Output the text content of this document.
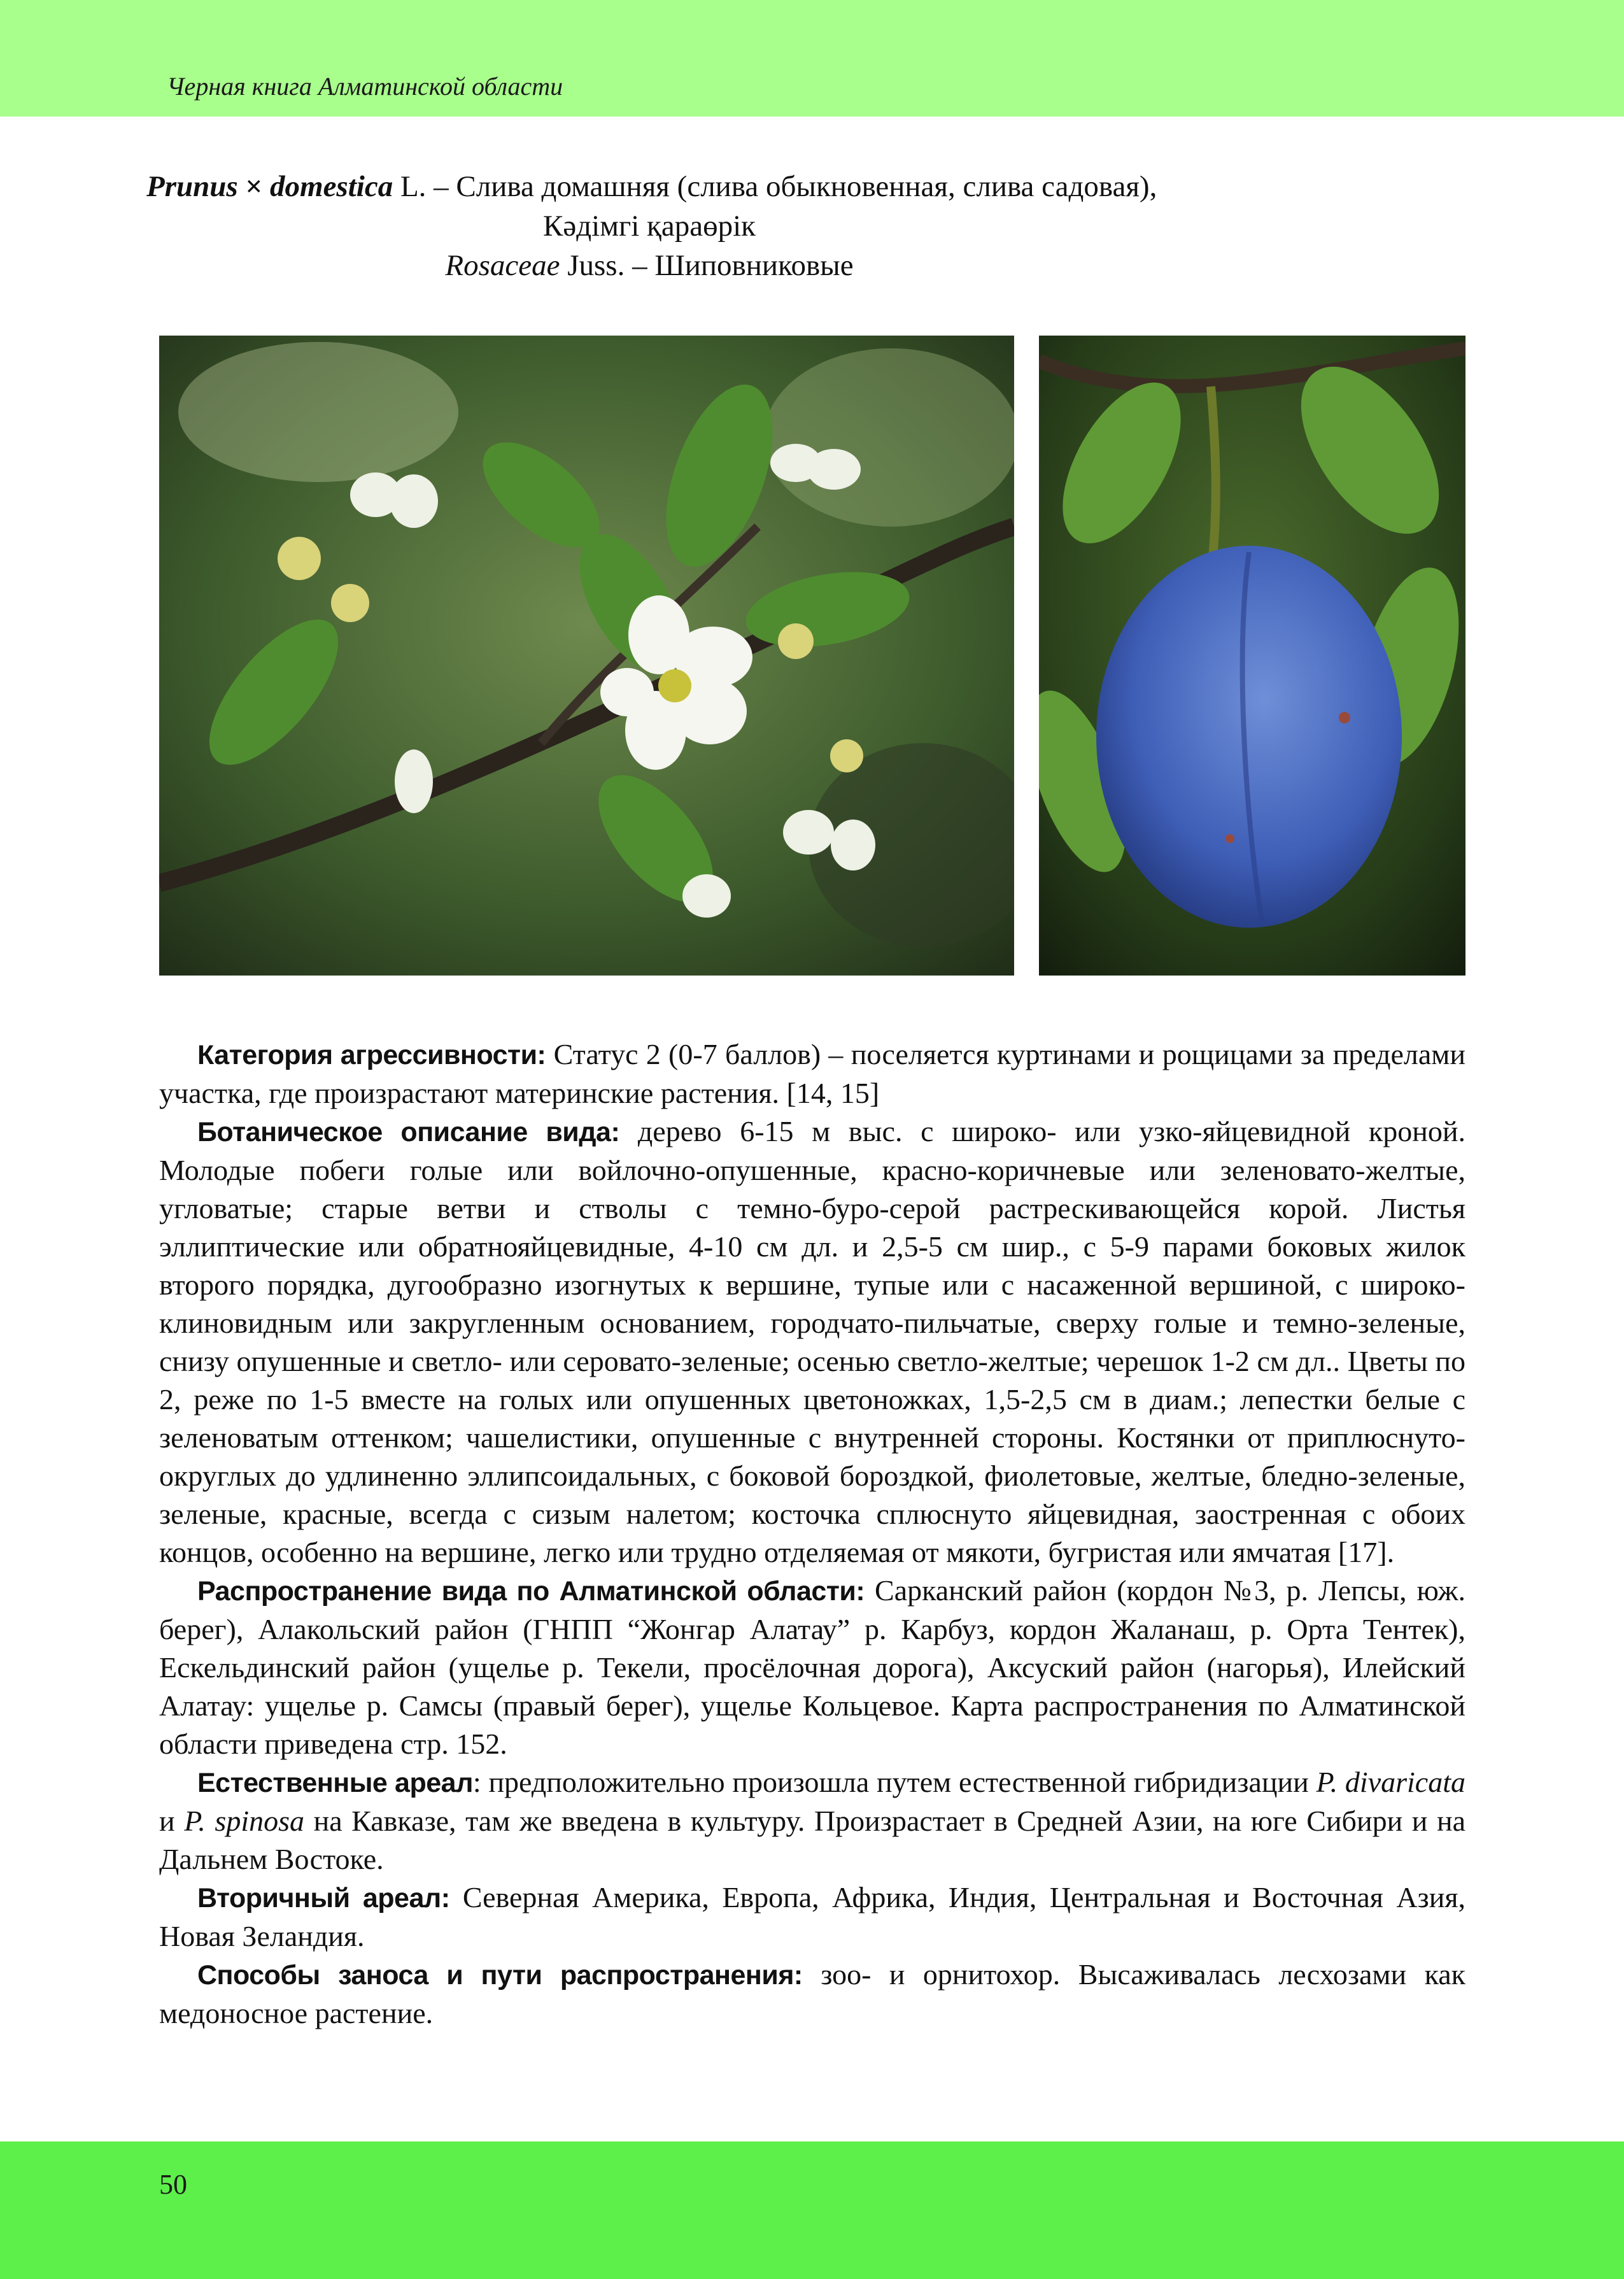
Черная книга Алматинской области
Prunus × domestica L. – Слива домашняя (слива обыкновенная, слива садовая),
Кәдімгі қараөрік
Rosaceae Juss. – Шиповниковые

Категория агрессивности: Статус 2 (0-7 баллов) – поселяется куртинами и рощицами за пределами участка, где произрастают материнские растения. [14, 15]

Ботаническое описание вида: дерево 6-15 м выс. с широко- или узко-яйцевидной кроной. Молодые побеги голые или войлочно-опушенные, красно-коричневые или зеленовато-желтые, угловатые; старые ветви и стволы с темно-буро-серой растрескивающейся корой. Листья эллиптические или обратнояйцевидные, 4-10 см дл. и 2,5-5 см шир., с 5-9 парами боковых жилок второго порядка, дугообразно изогнутых к вершине, тупые или с насаженной вершиной, с широко-клиновидным или закругленным основанием, городчато-пильчатые, сверху голые и темно-зеленые, снизу опушенные и светло- или серовато-зеленые; осенью светло-желтые; черешок 1-2 см дл.. Цветы по 2, реже по 1-5 вместе на голых или опушенных цветоножках, 1,5-2,5 см в диам.; лепестки белые с зеленоватым оттенком; чашелистики, опушенные с внутренней стороны. Костянки от приплюснуто-округлых до удлиненно эллипсоидальных, с боковой бороздкой, фиолетовые, желтые, бледно-зеленые, зеленые, красные, всегда с сизым налетом; косточка сплюснуто яйцевидная, заостренная с обоих концов, особенно на вершине, легко или трудно отделяемая от мякоти, бугристая или ямчатая [17].

Распространение вида по Алматинской области: Сарканский район (кордон №3, р. Лепсы, юж. берег), Алакольский район (ГНПП “Жонгар Алатау” р. Карбуз, кордон Жаланаш, р. Орта Тентек), Ескельдинский район (ущелье р. Текели, просёлочная дорога), Аксуский район (нагорья), Илейский Алатау: ущелье р. Самсы (правый берег), ущелье Кольцевое. Карта распространения по Алматинской области приведена стр. 152.

Естественные ареал: предположительно произошла путем естественной гибридизации P. divaricata и P. spinosa на Кавказе, там же введена в культуру. Произрастает в Средней Азии, на юге Сибири и на Дальнем Востоке.

Вторичный ареал: Северная Америка, Европа, Африка, Индия, Центральная и Восточная Азия, Новая Зеландия.

Способы заноса и пути распространения: зоо- и орнитохор. Высаживалась лесхозами как медоносное растение.

50
